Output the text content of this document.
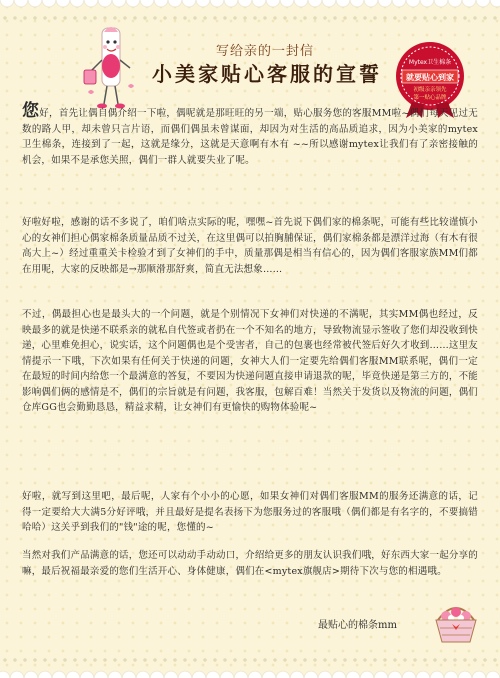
写给亲的一封信
小美家贴心客服的宣誓	Mytex卫生棉条
就要贴心到家
初级亲亲领先
第一贴心品牌
您好，首先让偶自偶介绍一下啦，偶呢就是那旺旺的另一端，贴心服务您的客服MM啦~偶们每天见过无数的路人甲，却未曾只言片语，而偶们偶虽未曾谋面，却因为对生活的高品质追求，因为小美家的mytex卫生棉条，连接到了一起，这就是缘分，这就是天意啊有木有 ~~所以感谢mytex让我们有了亲密接触的机会，如果不是承您关照，偶们一群人就要失业了呢。
好啦好啦，感谢的话不多说了，咱们啥点实际的呢，嘿嘿~首先说下偶们家的棉条呢，可能有些比较谨慎小心的女神们担心偶家棉条质量品质不过关，在这里偶可以拍胸脯保证，偶们家棉条都是漂洋过海（有木有很高大上~）经过重重关卡检验才到了女神们的手中，质量那偶是相当有信心的，因为偶们客服家族MM们都在用呢，大家的反映都是→那顺滑那舒爽，简直无法想象……
不过，偶最担心也是最头大的一个问题，就是个别情况下女神们对快递的不满呢，其实MM偶也经过，反映最多的就是快递不联系亲的就私自代签或者扔在一个不知名的地方，导致物流显示签收了您们却没收到快递，心里难免担心，说实话，这个问题偶也是个受害者，自己的包裹也经常被代签后好久才收到……这里友情提示一下哦，下次如果有任何关于快递的问题，女神大人们一定要先给偶们客服MM联系呢，偶们一定在最短的时间内给您一个最满意的答复，不要因为快递问题直接申请退款的呢，毕竟快递是第三方的，不能影响偶们俩的感情是不，偶们的宗旨就是有问题，我客服，包解百难！当然关于发货以及物流的问题，偶们仓库GG也会勤勤恳恳，精益求精，让女神们有更愉快的购物体验呢~
好啦，就写到这里吧，最后呢，人家有个小小的心愿，如果女神们对偶们客服MM的服务还满意的话，记得一定要给大大满5分好评哦，并且最好是提名表扬下为您服务过的客服哦（偶们都是有名字的，不要搞错哈哈）这关乎到我们的"钱"途的呢，您懂的~
当然对我们产品满意的话，您还可以动动手动动口，介绍给更多的朋友认识我们哦，好东西大家一起分享的嘛，最后祝福最亲爱的您们生活开心、身体健康，偶们在<mytex旗舰店>期待下次与您的相遇哦。
最贴心的棉条mm
